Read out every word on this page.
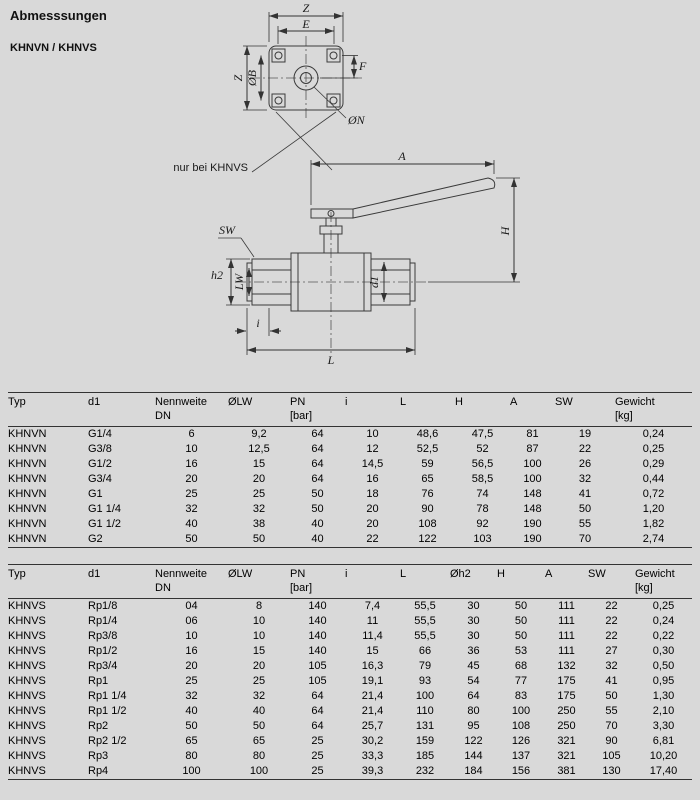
Abmesssungen
KHNVN / KHNVS
Z
E
F
ØB
Z
ØN
nur bei KHNVS
A
H
SW
h2 LW	d1
i
L
Typ	d1	Nennweite
DN

ØLW	PN
[bar]

i	L	H	A	SW	Gewicht
[kg]

KHNVN	G1/4	6	9,2	64	10	48,6	47,5	81	19	0,24
KHNVN	G3/8	10	12,5	64	12	52,5	52	87	22	0,25
KHNVN	G1/2	16	15	64	14,5	59	56,5	100	26	0,29
KHNVN	G3/4	20	20	64	16	65	58,5	100	32	0,44
KHNVN	G1	25	25	50	18	76	74	148	41	0,72
KHNVN	G1 1/4	32	32	50	20	90	78	148	50	1,20
KHNVN	G1 1/2	40	38	40	20	108	92	190	55	1,82
KHNVN	G2	50	50	40	22	122	103	190	70	2,74
Typ	d1	Nennweite
DN

ØLW	PN
[bar]

i	L	Øh2	H	A	SW	Gewicht
[kg]

KHNVS	Rp1/8	04	8	140	7,4	55,5	30	50	111	22	0,25
KHNVS	Rp1/4	06	10	140	11	55,5	30	50	111	22	0,24
KHNVS	Rp3/8	10	10	140	11,4	55,5	30	50	111	22	0,22
KHNVS	Rp1/2	16	15	140	15	66	36	53	111	27	0,30
KHNVS	Rp3/4	20	20	105	16,3	79	45	68	132	32	0,50
KHNVS	Rp1	25	25	105	19,1	93	54	77	175	41	0,95
KHNVS	Rp1 1/4	32	32	64	21,4	100	64	83	175	50	1,30
KHNVS	Rp1 1/2	40	40	64	21,4	110	80	100	250	55	2,10
KHNVS	Rp2	50	50	64	25,7	131	95	108	250	70	3,30
KHNVS	Rp2 1/2	65	65	25	30,2	159	122	126	321	90	6,81
KHNVS	Rp3	80	80	25	33,3	185	144	137	321	105	10,20
KHNVS	Rp4	100	100	25	39,3	232	184	156	381	130	17,40
